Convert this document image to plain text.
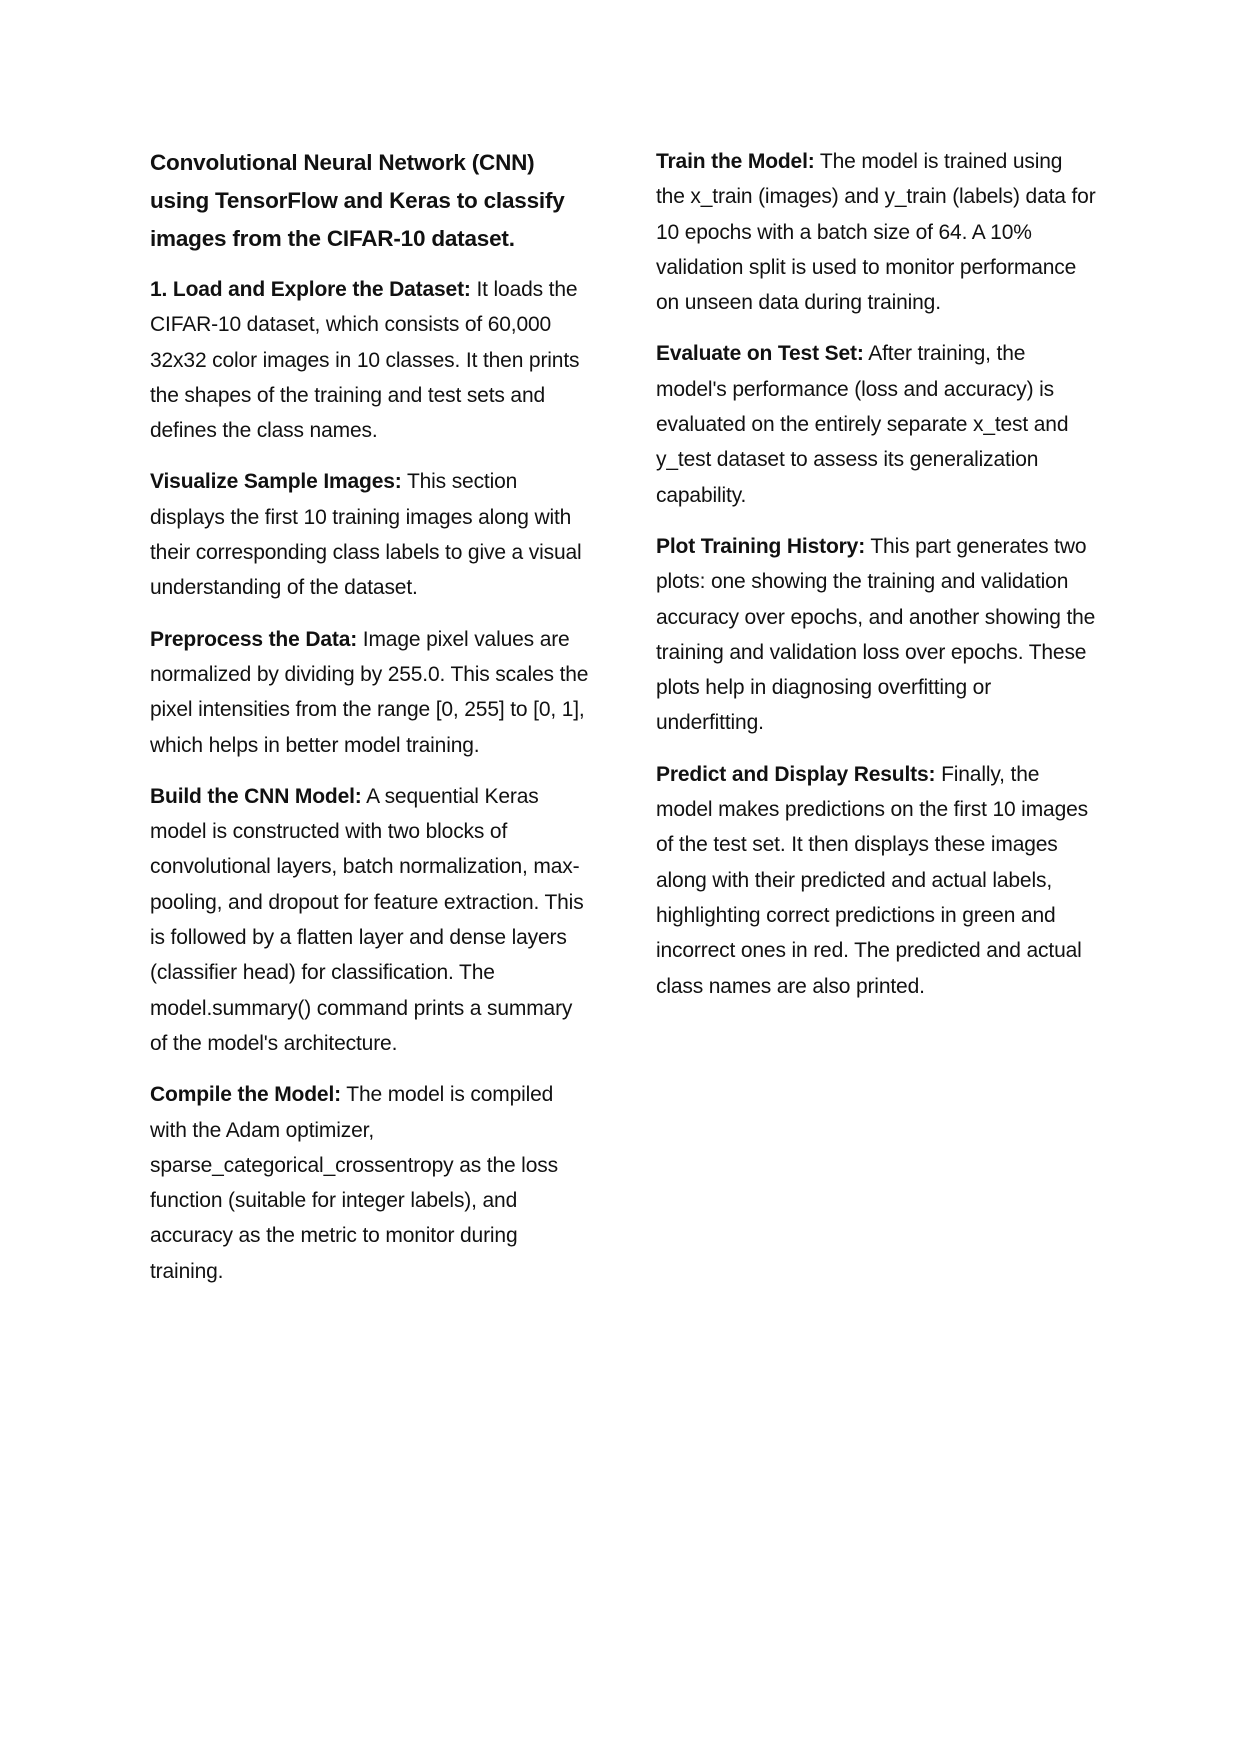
Convolutional Neural Network (CNN) using TensorFlow and Keras to classify images from the CIFAR-10 dataset.

1. Load and Explore the Dataset: It loads the CIFAR-10 dataset, which consists of 60,000 32x32 color images in 10 classes. It then prints the shapes of the training and test sets and defines the class names.

Visualize Sample Images: This section displays the first 10 training images along with their corresponding class labels to give a visual understanding of the dataset.

Preprocess the Data: Image pixel values are normalized by dividing by 255.0. This scales the pixel intensities from the range [0, 255] to [0, 1], which helps in better model training.

Build the CNN Model: A sequential Keras model is constructed with two blocks of convolutional layers, batch normalization, max-pooling, and dropout for feature extraction. This is followed by a flatten layer and dense layers (classifier head) for classification. The model.summary() command prints a summary of the model's architecture.

Compile the Model: The model is compiled with the Adam optimizer, sparse_categorical_crossentropy as the loss function (suitable for integer labels), and accuracy as the metric to monitor during training.

Train the Model: The model is trained using the x_train (images) and y_train (labels) data for 10 epochs with a batch size of 64. A 10% validation split is used to monitor performance on unseen data during training.

Evaluate on Test Set: After training, the model's performance (loss and accuracy) is evaluated on the entirely separate x_test and y_test dataset to assess its generalization capability.

Plot Training History: This part generates two plots: one showing the training and validation accuracy over epochs, and another showing the training and validation loss over epochs. These plots help in diagnosing overfitting or underfitting.

Predict and Display Results: Finally, the model makes predictions on the first 10 images of the test set. It then displays these images along with their predicted and actual labels, highlighting correct predictions in green and incorrect ones in red. The predicted and actual class names are also printed.
